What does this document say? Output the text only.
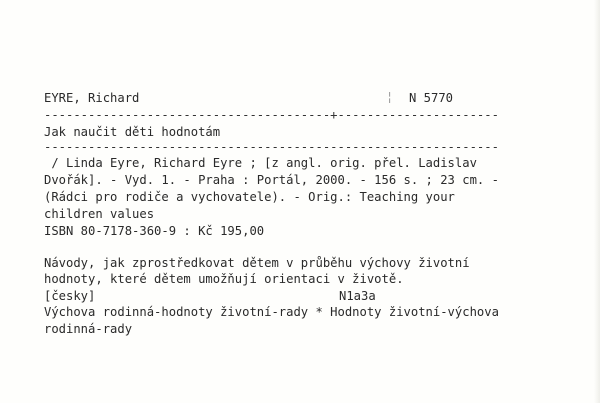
EYRE, Richard	¦ N 5770
---------------------------------------+----------------------
Jak naučit děti hodnotám
--------------------------------------------------------------
/ Linda Eyre, Richard Eyre ; [z angl. orig. přel. Ladislav
Dvořák]. - Vyd. 1. - Praha : Portál, 2000. - 156 s. ; 23 cm. -
(Rádci pro rodiče a vychovatele). - Orig.: Teaching your
children values
ISBN 80-7178-360-9 : Kč 195,00
Návody, jak zprostředkovat dětem v průběhu výchovy životní
hodnoty, které dětem umožňují orientaci v životě.
[česky]	N1a3a
Výchova rodinná-hodnoty životní-rady * Hodnoty životní-výchova
rodinná-rady
